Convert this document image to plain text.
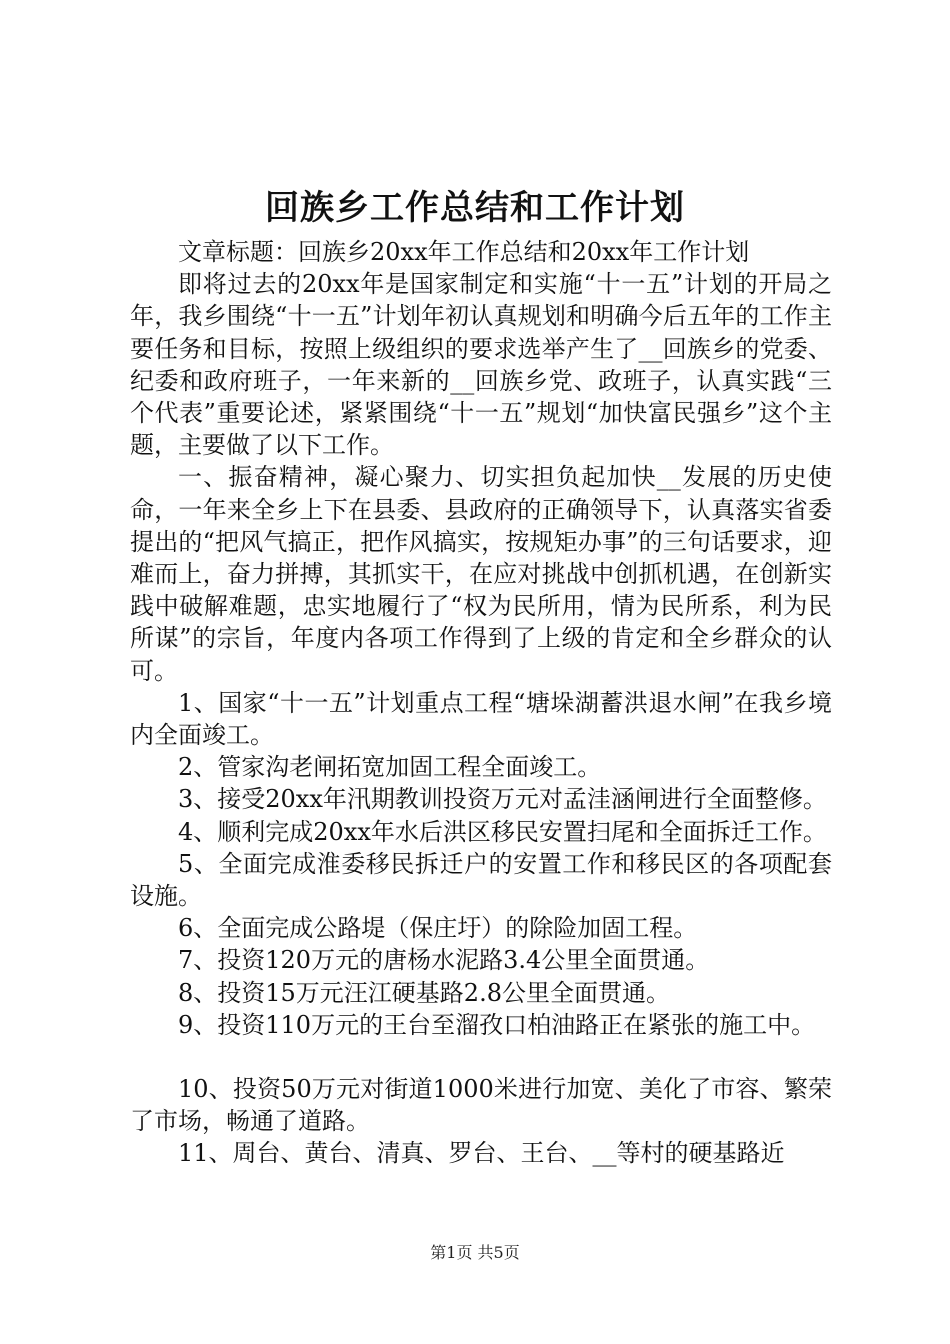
回族乡工作总结和工作计划

文章标题：回族乡20xx年工作总结和20xx年工作计划

即将过去的20xx年是国家制定和实施“十一五”计划的开局之年，我乡围绕“十一五”计划年初认真规划和明确今后五年的工作主要任务和目标，按照上级组织的要求选举产生了__回族乡的党委、纪委和政府班子，一年来新的__回族乡党、政班子，认真实践“三个代表”重要论述，紧紧围绕“十一五”规划“加快富民强乡”这个主题，主要做了以下工作。

一、振奋精神，凝心聚力、切实担负起加快__发展的历史使命，一年来全乡上下在县委、县政府的正确领导下，认真落实省委提出的“把风气搞正，把作风搞实，按规矩办事”的三句话要求，迎难而上，奋力拼搏，其抓实干，在应对挑战中创抓机遇，在创新实践中破解难题，忠实地履行了“权为民所用，情为民所系，利为民所谋”的宗旨，年度内各项工作得到了上级的肯定和全乡群众的认可。

1、国家“十一五”计划重点工程“塘垛湖蓄洪退水闸”在我乡境内全面竣工。

2、管家沟老闸拓宽加固工程全面竣工。

3、接受20xx年汛期教训投资万元对孟洼涵闸进行全面整修。

4、顺利完成20xx年水后洪区移民安置扫尾和全面拆迁工作。

5、全面完成淮委移民拆迁户的安置工作和移民区的各项配套设施。

6、全面完成公路堤（保庄圩）的除险加固工程。

7、投资120万元的唐杨水泥路3.4公里全面贯通。

8、投资15万元汪江硬基路2.8公里全面贯通。

9、投资110万元的王台至溜孜口柏油路正在紧张的施工中。

10、投资50万元对街道1000米进行加宽、美化了市容、繁荣了市场，畅通了道路。

11、周台、黄台、清真、罗台、王台、__等村的硬基路近

第1页 共5页
